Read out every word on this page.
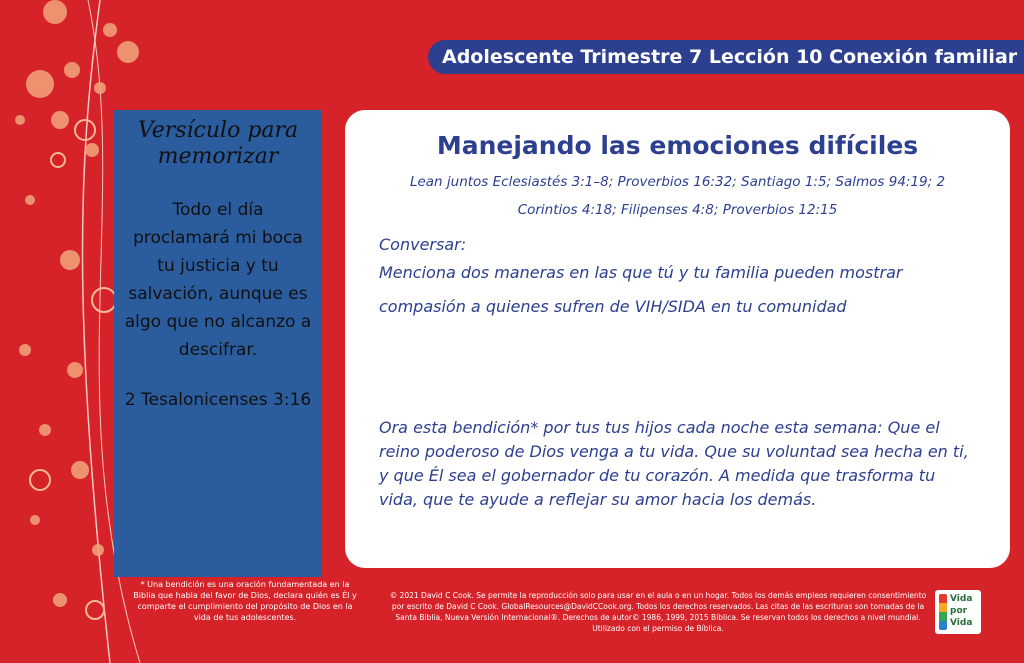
Adolescente Trimestre 7 Lección 10 Conexión familiar
Versículo para memorizar
Todo el día proclamará mi boca tu justicia y tu salvación, aunque es algo que no alcanzo a descifrar.
2 Tesalonicenses 3:16
Manejando las emociones difíciles
Lean juntos Eclesiastés 3:1–8; Proverbios 16:32; Santiago 1:5; Salmos 94:19; 2 Corintios 4:18; Filipenses 4:8; Proverbios 12:15
Conversar:
Menciona dos maneras en las que tú y tu familia pueden mostrar compasión a quienes sufren de VIH/SIDA en tu comunidad
Ora esta bendición* por tus tus hijos cada noche esta semana: Que el reino poderoso de Dios venga a tu vida. Que su voluntad sea hecha en ti, y que Él sea el gobernador de tu corazón. A medida que trasforma tu vida, que te ayude a reflejar su amor hacia los demás.
* Una bendición es una oración fundamentada en la Biblia que habla del favor de Dios, declara quién es Él y comparte el cumplimiento del propósito de Dios en la vida de tus adolescentes.
© 2021 David C Cook. Se permite la reproducción solo para usar en el aula o en un hogar. Todos los demás empleos requieren consentimiento por escrito de David C Cook. GlobalResources@DavidCCook.org. Todos los derechos reservados. Las citas de las escrituras son tomadas de la Santa Biblia, Nueva Versión Internacional®. Derechos de autor© 1986, 1999, 2015 Bíblica. Se reservan todos los derechos a nivel mundial. Utilizado con el permiso de Bíblica.
Vida
por
Vida
